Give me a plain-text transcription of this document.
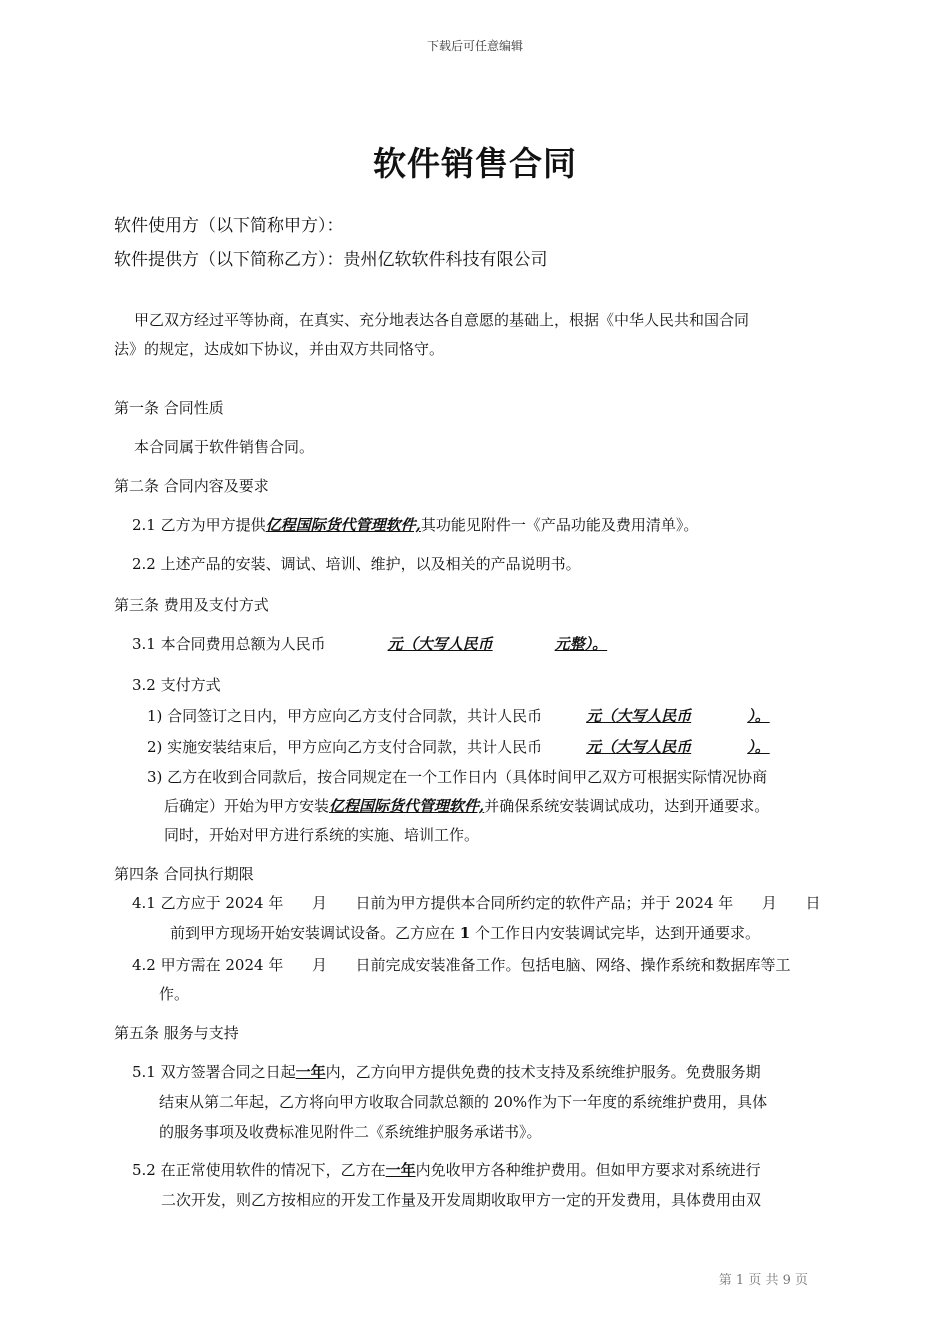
下载后可任意编辑
软件销售合同
软件使用方（以下简称甲方）：
软件提供方（以下简称乙方）：贵州亿软软件科技有限公司
甲乙双方经过平等协商，在真实、充分地表达各自意愿的基础上，根据《中华人民共和国合同
法》的规定，达成如下协议，并由双方共同恪守。
第一条 合同性质
本合同属于软件销售合同。
第二条 合同内容及要求
2.1 乙方为甲方提供亿程国际货代管理软件,其功能见附件一《产品功能及费用清单》。
2.2 上述产品的安装、调试、培训、维护，以及相关的产品说明书。
第三条 费用及支付方式
3.1 本合同费用总额为人民币	元（大写人民币	元整）。
3.2 支付方式
1) 合同签订之日内，甲方应向乙方支付合同款，共计人民币	元（大写人民币	）。
2) 实施安装结束后，甲方应向乙方支付合同款，共计人民币	元（大写人民币	）。
3) 乙方在收到合同款后，按合同规定在一个工作日内（具体时间甲乙双方可根据实际情况协商
后确定）开始为甲方安装亿程国际货代管理软件,并确保系统安装调试成功，达到开通要求。
同时，开始对甲方进行系统的实施、培训工作。
第四条 合同执行期限
4.1 乙方应于 2024 年      月      日前为甲方提供本合同所约定的软件产品；并于 2024 年      月      日
前到甲方现场开始安装调试设备。乙方应在 1 个工作日内安装调试完毕，达到开通要求。
4.2 甲方需在 2024 年      月      日前完成安装准备工作。包括电脑、网络、操作系统和数据库等工
作。
第五条 服务与支持
5.1 双方签署合同之日起一年内，乙方向甲方提供免费的技术支持及系统维护服务。免费服务期
结束从第二年起，乙方将向甲方收取合同款总额的 20%作为下一年度的系统维护费用，具体
的服务事项及收费标准见附件二《系统维护服务承诺书》。
5.2 在正常使用软件的情况下，乙方在一年内免收甲方各种维护费用。但如甲方要求对系统进行
二次开发，则乙方按相应的开发工作量及开发周期收取甲方一定的开发费用，具体费用由双
第 1 页 共 9 页
